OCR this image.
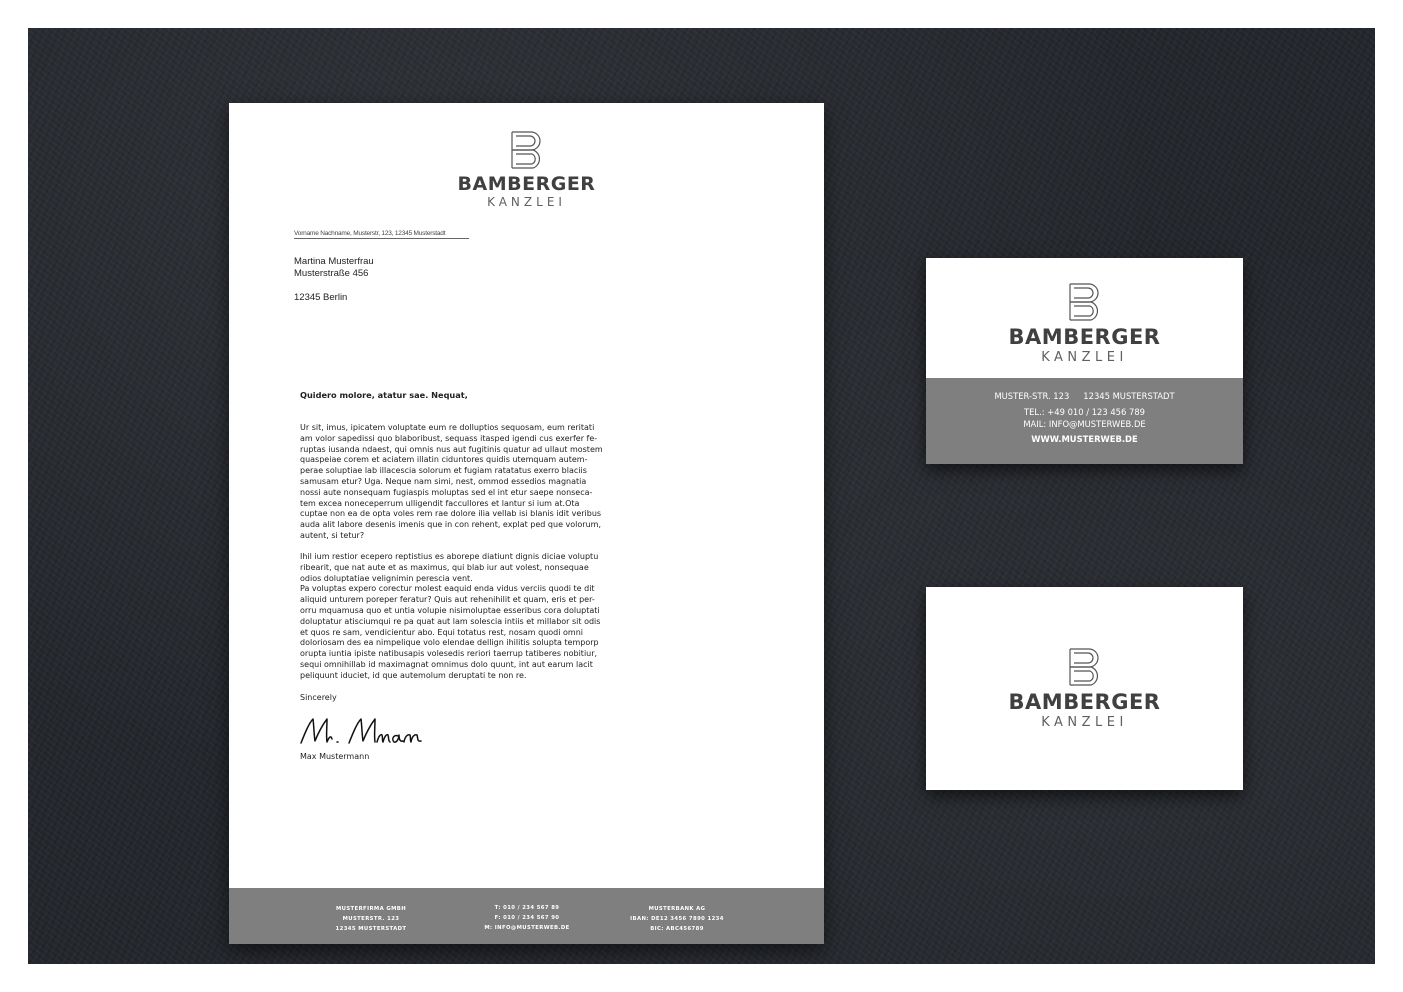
BAMBERGER
KANZLEI
Vorname Nachname, Musterstr, 123, 12345 Musterstadt
Martina Musterfrau
Musterstraße 456
12345 Berlin
Quidero molore, atatur sae. Nequat,

Ur sit, imus, ipicatem voluptate eum re dolluptios sequosam, eum reritati
am volor sapedissi quo blaboribust, sequass itasped igendi cus exerfer fe-
ruptas iusanda ndaest, qui omnis nus aut fugitinis quatur ad ullaut mostem
quaspeiae corem et aciatem illatin ciduntores quidis utemquam autem-
perae soluptiae lab illacescia solorum et fugiam ratatatus exerro blaciis
samusam etur? Uga. Neque nam simi, nest, ommod essedios magnatia
nossi aute nonsequam fugiaspis moluptas sed el int etur saepe nonseca-
tem excea noneceperrum ulligendit faccullores et lantur si ium at.Ota
cuptae non ea de opta voles rem rae dolore ilia vellab isi blanis idit veribus
auda alit labore desenis imenis que in con rehent, explat ped que volorum,
autent, si tetur?

Ihil ium restior ecepero reptistius es aborepe diatiunt dignis diciae voluptu
ribearit, que nat aute et as maximus, qui blab iur aut volest, nonsequae
odios doluptatiae velignimin perescia vent.
Pa voluptas expero corectur molest eaquid enda vidus verciis quodi te dit
aliquid unturem poreper feratur? Quis aut rehenihilit et quam, eris et per-
orru mquamusa quo et untia volupie nisimoluptae esseribus cora doluptati
doluptatur atisciumqui re pa quat aut lam solescia intiis et millabor sit odis
et quos re sam, vendicientur abo. Equi totatus rest, nosam quodi omni
doloriosam des ea nimpelique volo elendae dellign ihilitis solupta temporp
orupta iuntia ipiste natibusapis volesedis reriori taerrup tatiberes nobitiur,
sequi omnihillab id maximagnat omnimus dolo quunt, int aut earum lacit
peliquunt iduciet, id que autemolum deruptati te non re.

Sincerely
Max Mustermann
MUSTERFIRMA GMBH
MUSTERSTR. 123
12345 MUSTERSTADT
T: 010 / 234 567 89
F: 010 / 234 567 90
M: INFO@MUSTERWEB.DE
MUSTERBANK AG
IBAN: DE12 3456 7890 1234
BIC: ABC456789
BAMBERGER
KANZLEI
MUSTER-STR. 123 12345 MUSTERSTADT
TEL.: +49 010 / 123 456 789
MAIL: INFO@MUSTERWEB.DE
WWW.MUSTERWEB.DE
BAMBERGER
KANZLEI
